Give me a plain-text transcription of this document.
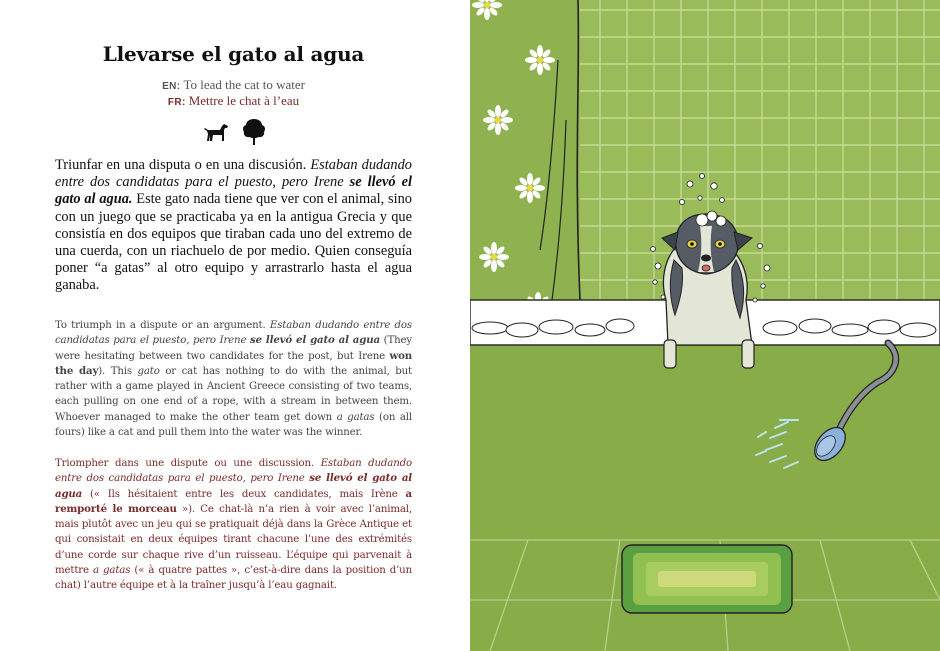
Llevarse el gato al agua
EN: To lead the cat to water
FR: Mettre le chat à l’eau

Triunfar en una disputa o en una discusión. Estaban dudando entre dos candidatas para el puesto, pero Irene se llevó el gato al agua. Este gato nada tiene que ver con el animal, sino con un juego que se practicaba ya en la antigua Grecia y que consistía en dos equipos que tiraban cada uno del extremo de una cuerda, con un riachuelo de por medio. Quien conseguía poner “a gatas” al otro equipo y arrastrarlo hasta el agua ganaba.

To triumph in a dispute or an argument. Estaban dudando entre dos candidatas para el puesto, pero Irene se llevó el gato al agua (They were hesitating between two candidates for the post, but Irene won the day). This gato or cat has nothing to do with the animal, but rather with a game played in Ancient Greece consisting of two teams, each pulling on one end of a rope, with a stream in between them. Whoever managed to make the other team get down a gatas (on all fours) like a cat and pull them into the water was the winner.

Triompher dans une dispute ou une discussion. Estaban dudando entre dos candidatas para el puesto, pero Irene se llevó el gato al agua (« Ils hésitaient entre les deux candidates, mais Irène a remporté le morceau »). Ce chat-là n’a rien à voir avec l’animal, mais plutôt avec un jeu qui se pratiquait déjà dans la Grèce Antique et qui consistait en deux équipes tirant chacune l’une des extrémités d’une corde sur chaque rive d’un ruisseau. L’équipe qui parvenait à mettre a gatas (« à quatre pattes », c’est-à-dire dans la position d’un chat) l’autre équipe et à la traîner jusqu’à l’eau gagnait.
